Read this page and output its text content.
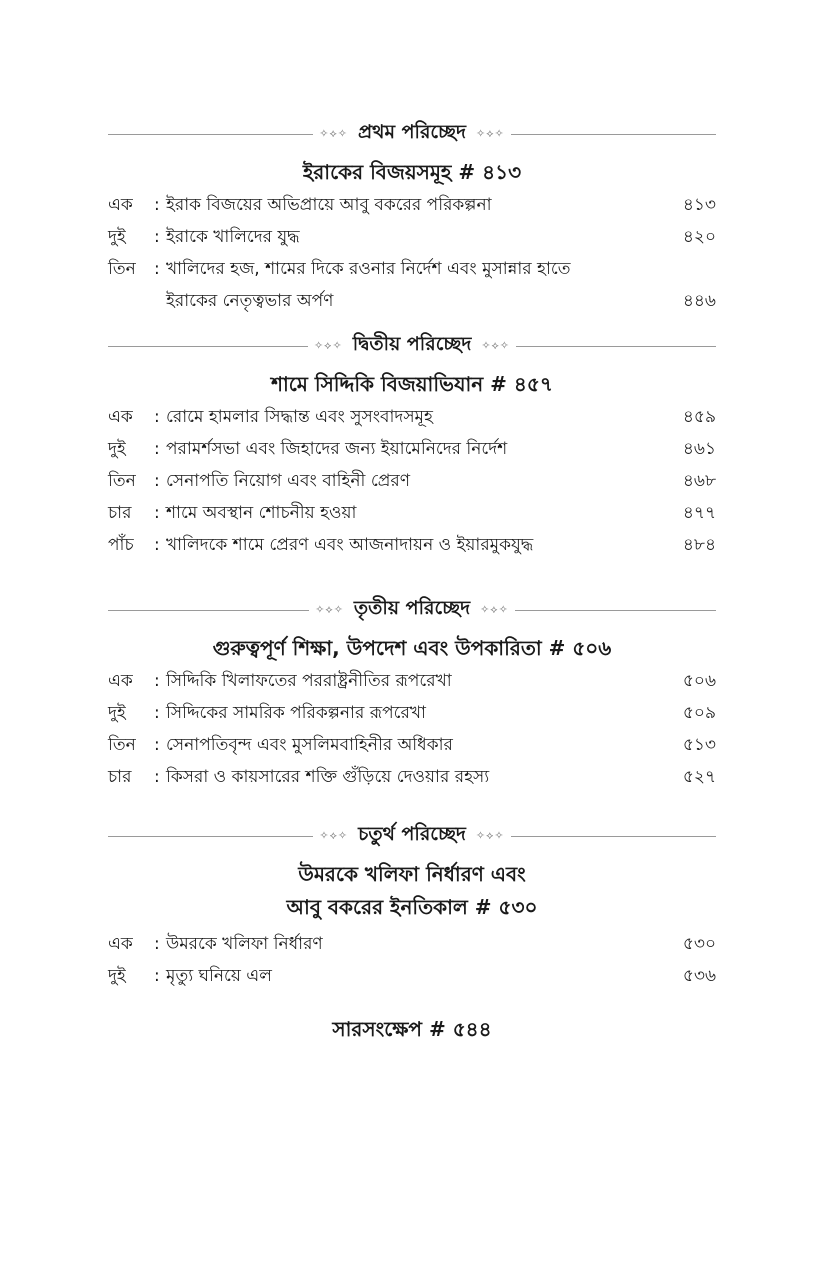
✧⟡✧ প্রথম পরিচ্ছেদ ✧⟡✧
ইরাকের বিজয়সমূহ # ৪১৩
এক	: ইরাক বিজয়ের অভিপ্রায়ে আবু বকরের পরিকল্পনা	৪১৩
দুই	: ইরাকে খালিদের যুদ্ধ	৪২০
তিন	: খালিদের হজ, শামের দিকে রওনার নির্দেশ এবং মুসান্নার হাতে
ইরাকের নেতৃত্বভার অর্পণ	৪৪৬
✧⟡✧ দ্বিতীয় পরিচ্ছেদ ✧⟡✧
শামে সিদ্দিকি বিজয়াভিযান # ৪৫৭
এক	: রোমে হামলার সিদ্ধান্ত এবং সুসংবাদসমূহ	৪৫৯
দুই	: পরামর্শসভা এবং জিহাদের জন্য ইয়ামেনিদের নির্দেশ	৪৬১
তিন	: সেনাপতি নিয়োগ এবং বাহিনী প্রেরণ	৪৬৮
চার	: শামে অবস্থান শোচনীয় হওয়া	৪৭৭
পাঁচ	: খালিদকে শামে প্রেরণ এবং আজনাদায়ন ও ইয়ারমুকযুদ্ধ	৪৮৪
✧⟡✧ তৃতীয় পরিচ্ছেদ ✧⟡✧
গুরুত্বপূর্ণ শিক্ষা, উপদেশ এবং উপকারিতা # ৫০৬
এক	: সিদ্দিকি খিলাফতের পররাষ্ট্রনীতির রূপরেখা	৫০৬
দুই	: সিদ্দিকের সামরিক পরিকল্পনার রূপরেখা	৫০৯
তিন	: সেনাপতিবৃন্দ এবং মুসলিমবাহিনীর অধিকার	৫১৩
চার	: কিসরা ও কায়সারের শক্তি গুঁড়িয়ে দেওয়ার রহস্য	৫২৭
✧⟡✧ চতুর্থ পরিচ্ছেদ ✧⟡✧
উমরকে খলিফা নির্ধারণ এবং
আবু বকরের ইনতিকাল # ৫৩০
এক	: উমরকে খলিফা নির্ধারণ	৫৩০
দুই	: মৃত্যু ঘনিয়ে এল	৫৩৬
সারসংক্ষেপ # ৫৪৪
